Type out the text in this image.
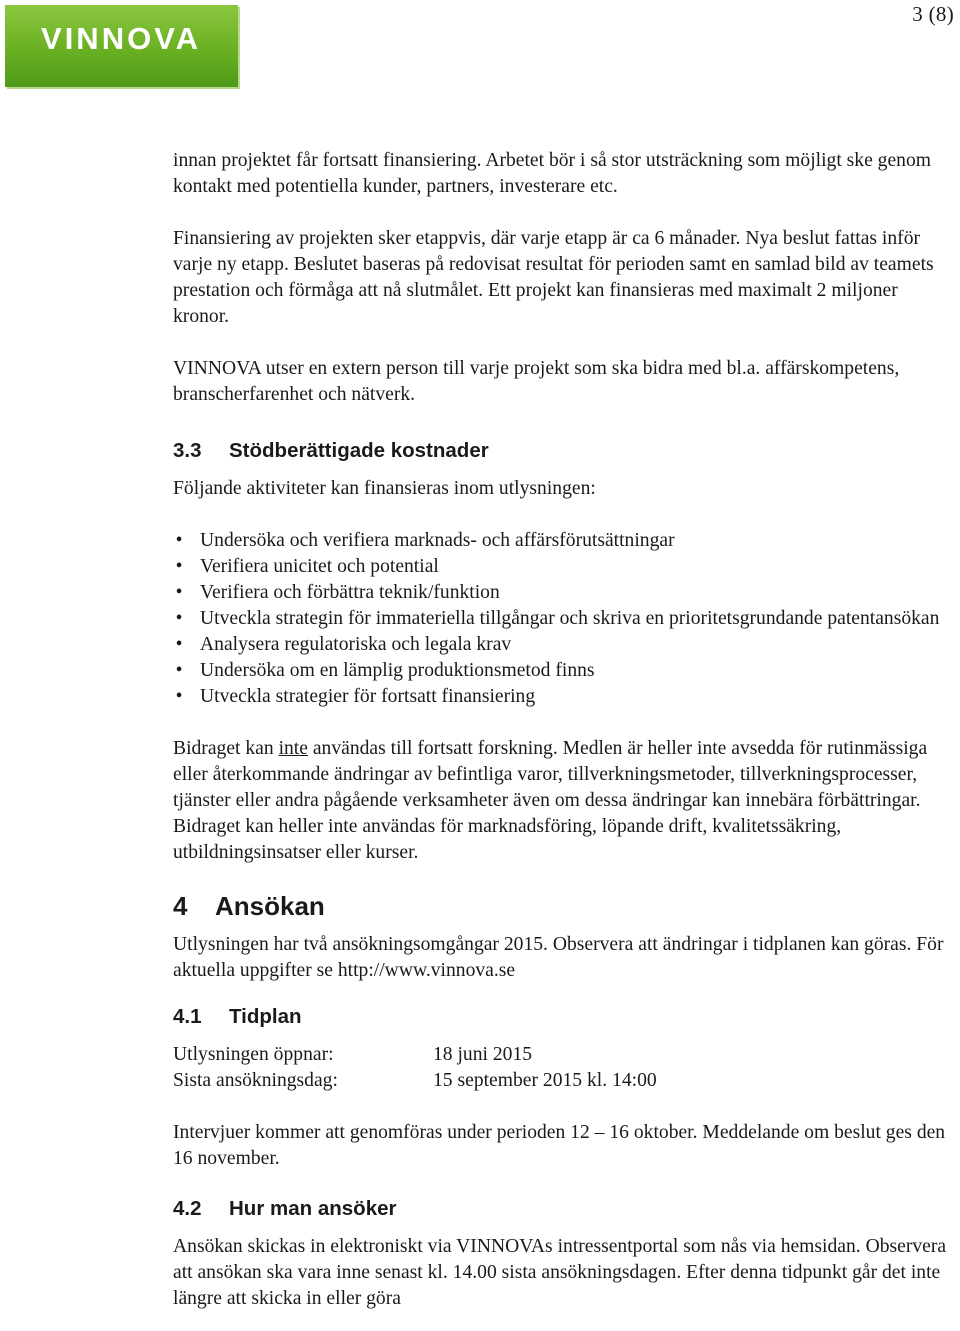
VINNOVA
3 (8)

innan projektet får fortsatt finansiering. Arbetet bör i så stor utsträckning som möjligt ske genom kontakt med potentiella kunder, partners, investerare etc.

Finansiering av projekten sker etappvis, där varje etapp är ca 6 månader. Nya beslut fattas inför varje ny etapp. Beslutet baseras på redovisat resultat för perioden samt en samlad bild av teamets prestation och förmåga att nå slutmålet. Ett projekt kan finansieras med maximalt 2 miljoner kronor.

VINNOVA utser en extern person till varje projekt som ska bidra med bl.a. affärskompetens, branscherfarenhet och nätverk.

3.3 Stödberättigade kostnader

Följande aktiviteter kan finansieras inom utlysningen:

• Undersöka och verifiera marknads- och affärsförutsättningar
• Verifiera unicitet och potential
• Verifiera och förbättra teknik/funktion
• Utveckla strategin för immateriella tillgångar och skriva en prioritetsgrundande patentansökan
• Analysera regulatoriska och legala krav
• Undersöka om en lämplig produktionsmetod finns
• Utveckla strategier för fortsatt finansiering

Bidraget kan inte användas till fortsatt forskning. Medlen är heller inte avsedda för rutinmässiga eller återkommande ändringar av befintliga varor, tillverkningsmetoder, tillverkningsprocesser, tjänster eller andra pågående verksamheter även om dessa ändringar kan innebära förbättringar. Bidraget kan heller inte användas för marknadsföring, löpande drift, kvalitetssäkring, utbildningsinsatser eller kurser.

4 Ansökan

Utlysningen har två ansökningsomgångar 2015. Observera att ändringar i tidplanen kan göras. För aktuella uppgifter se http://www.vinnova.se

4.1 Tidplan
Utlysningen öppnar:	18 juni 2015
Sista ansökningsdag:	15 september 2015 kl. 14:00

Intervjuer kommer att genomföras under perioden 12 – 16 oktober. Meddelande om beslut ges den 16 november.

4.2 Hur man ansöker

Ansökan skickas in elektroniskt via VINNOVAs intressentportal som nås via hemsidan. Observera att ansökan ska vara inne senast kl. 14.00 sista ansökningsdagen. Efter denna tidpunkt går det inte längre att skicka in eller göra
